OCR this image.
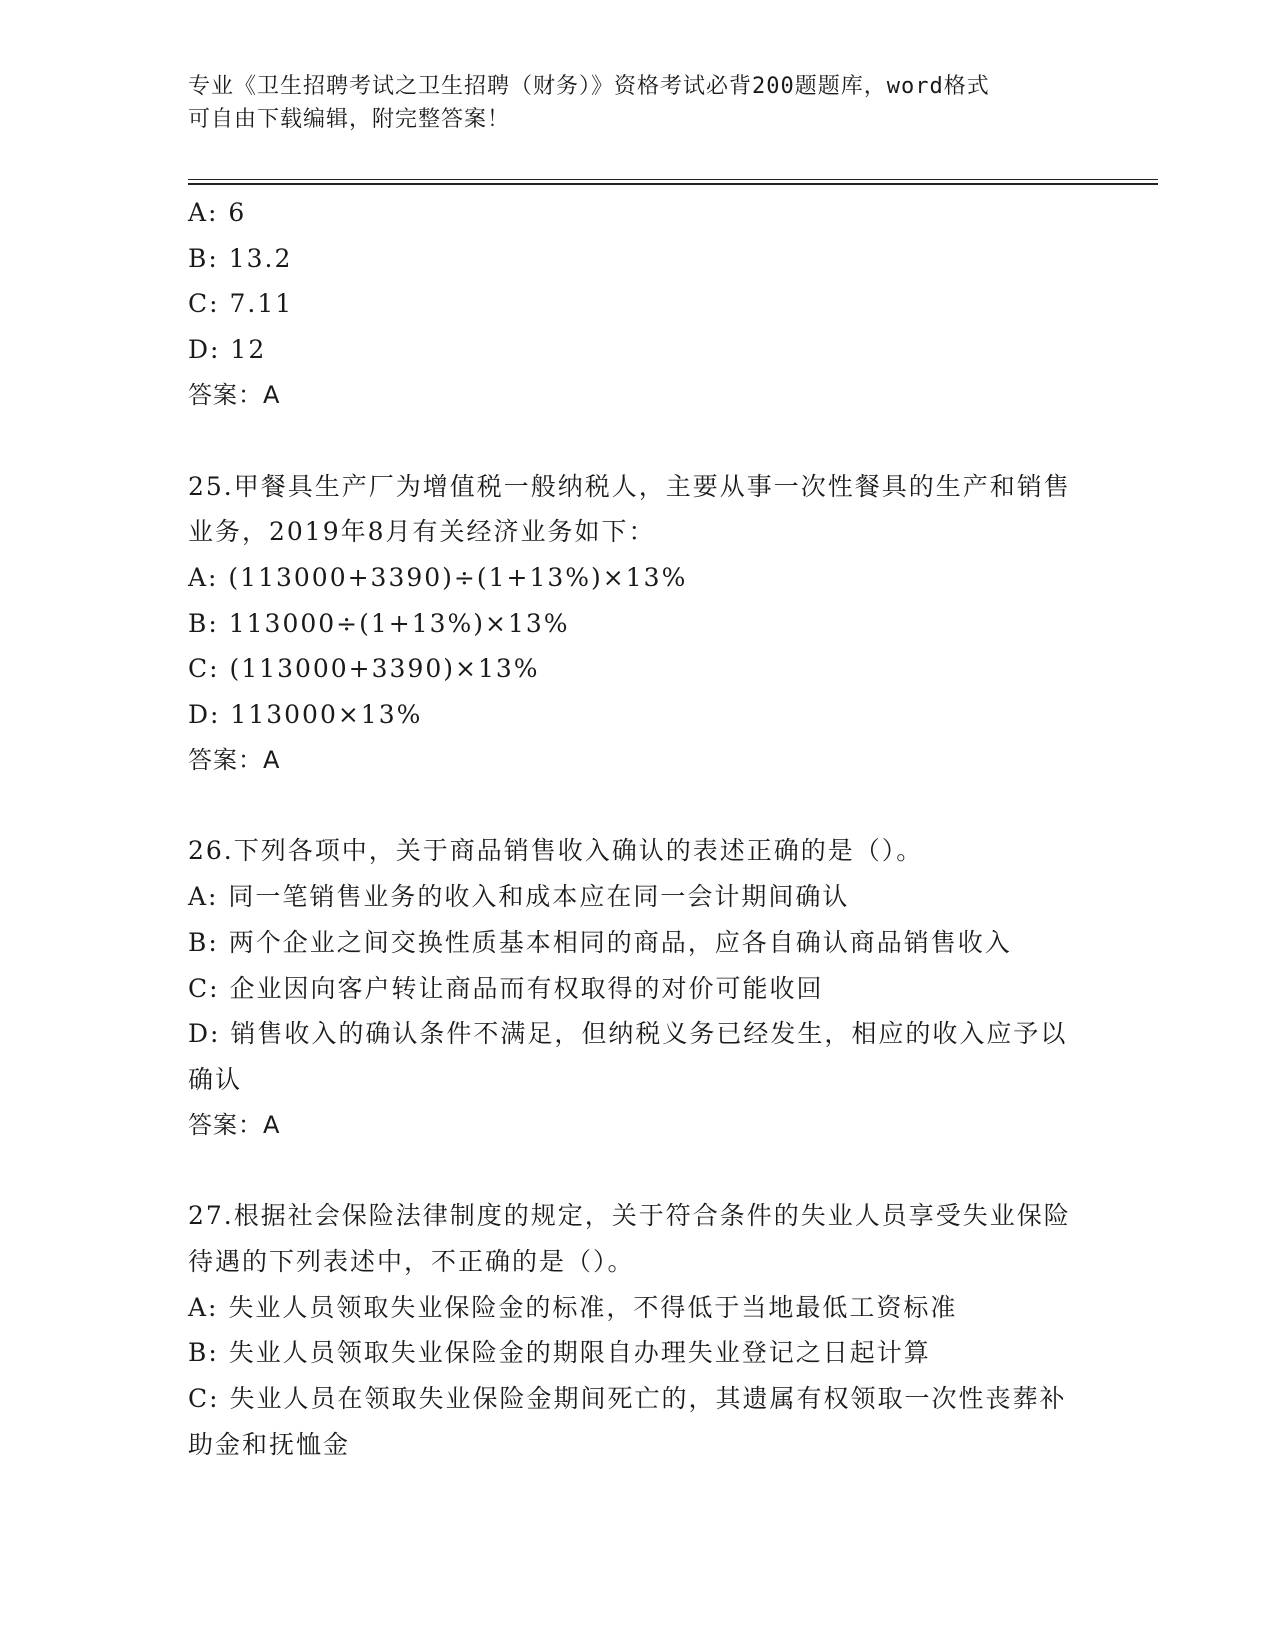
专业《卫生招聘考试之卫生招聘（财务）》资格考试必背200题题库，word格式
可自由下载编辑，附完整答案！

A: 6

B: 13.2

C: 7.11

D: 12

答案：A

25.甲餐具生产厂为增值税一般纳税人，主要从事一次性餐具的生产和销售业务，2019年8月有关经济业务如下：

A: (113000+3390)÷(1+13%)×13%

B: 113000÷(1+13%)×13%

C: (113000+3390)×13%

D: 113000×13%

答案：A

26.下列各项中，关于商品销售收入确认的表述正确的是（）。

A: 同一笔销售业务的收入和成本应在同一会计期间确认

B: 两个企业之间交换性质基本相同的商品，应各自确认商品销售收入

C: 企业因向客户转让商品而有权取得的对价可能收回

D: 销售收入的确认条件不满足，但纳税义务已经发生，相应的收入应予以确认

答案：A

27.根据社会保险法律制度的规定，关于符合条件的失业人员享受失业保险待遇的下列表述中，不正确的是（）。

A: 失业人员领取失业保险金的标准，不得低于当地最低工资标准

B: 失业人员领取失业保险金的期限自办理失业登记之日起计算

C: 失业人员在领取失业保险金期间死亡的，其遗属有权领取一次性丧葬补助金和抚恤金
